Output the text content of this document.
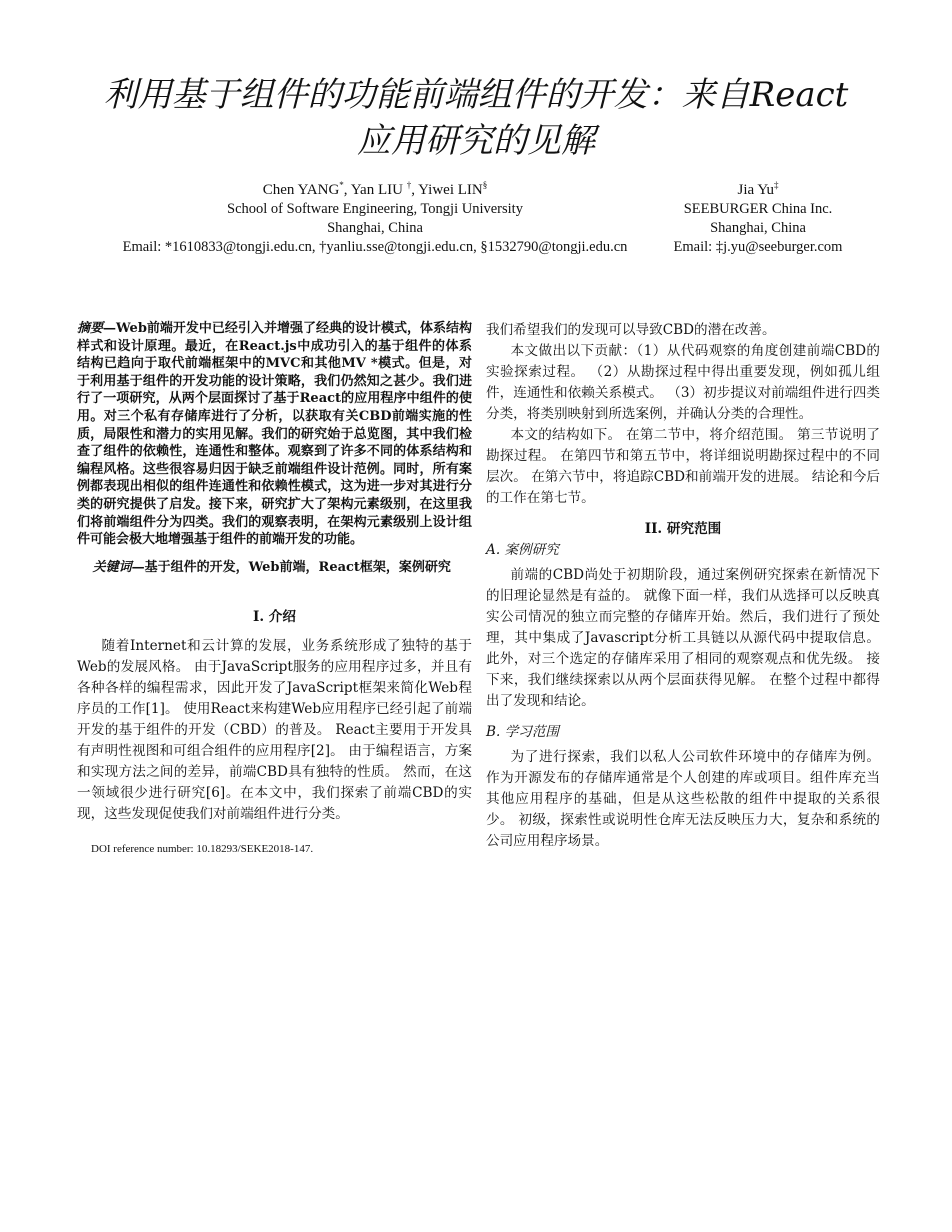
利用基于组件的功能前端组件的开发：来自React
应用研究的见解
Chen YANG*, Yan LIU †, Yiwei LIN§
School of Software Engineering, Tongji University
Shanghai, China
Email: *1610833@tongji.edu.cn, †yanliu.sse@tongji.edu.cn, §1532790@tongji.edu.cn
Jia Yu‡
SEEBURGER China Inc.
Shanghai, China
Email: ‡j.yu@seeburger.com
摘要—Web前端开发中已经引入并增强了经典的设计模式，体系结构样式和设计原理。最近，在React.js中成功引入的基于组件的体系结构已趋向于取代前端框架中的MVC和其他MV *模式。但是，对于利用基于组件的开发功能的设计策略，我们仍然知之甚少。我们进行了一项研究，从两个层面探讨了基于React的应用程序中组件的使用。对三个私有存储库进行了分析，以获取有关CBD前端实施的性质，局限性和潜力的实用见解。我们的研究始于总览图，其中我们检查了组件的依赖性，连通性和整体。观察到了许多不同的体系结构和编程风格。这些很容易归因于缺乏前端组件设计范例。同时，所有案例都表现出相似的组件连通性和依赖性模式，这为进一步对其进行分类的研究提供了启发。接下来，研究扩大了架构元素级别，在这里我们将前端组件分为四类。我们的观察表明，在架构元素级别上设计组件可能会极大地增强基于组件的前端开发的功能。
关键词—基于组件的开发，Web前端，React框架，案例研究
I. 介绍

随着Internet和云计算的发展，业务系统形成了独特的基于Web的发展风格。 由于JavaScript服务的应用程序过多，并且有各种各样的编程需求，因此开发了JavaScript框架来简化Web程序员的工作[1]。 使用React来构建Web应用程序已经引起了前端开发的基于组件的开发（CBD）的普及。 React主要用于开发具有声明性视图和可组合组件的应用程序[2]。 由于编程语言，方案和实现方法之间的差异，前端CBD具有独特的性质。 然而，在这一领域很少进行研究[6]。在本文中，我们探索了前端CBD的实现，这些发现促使我们对前端组件进行分类。

DOI reference number: 10.18293/SEKE2018-147.

我们希望我们的发现可以导致CBD的潜在改善。

本文做出以下贡献：（1）从代码观察的角度创建前端CBD的实验探索过程。 （2）从勘探过程中得出重要发现，例如孤儿组件，连通性和依赖关系模式。 （3）初步提议对前端组件进行四类分类，将类别映射到所选案例，并确认分类的合理性。

本文的结构如下。 在第二节中，将介绍范围。 第三节说明了勘探过程。 在第四节和第五节中，将详细说明勘探过程中的不同层次。 在第六节中，将追踪CBD和前端开发的进展。 结论和今后的工作在第七节。

II. 研究范围
A. 案例研究

前端的CBD尚处于初期阶段，通过案例研究探索在新情况下的旧理论显然是有益的。 就像下面一样，我们从选择可以反映真实公司情况的独立而完整的存储库开始。然后，我们进行了预处理，其中集成了Javascript分析工具链以从源代码中提取信息。 此外，对三个选定的存储库采用了相同的观察观点和优先级。 接下来，我们继续探索以从两个层面获得见解。 在整个过程中都得出了发现和结论。

B. 学习范围

为了进行探索，我们以私人公司软件环境中的存储库为例。 作为开源发布的存储库通常是个人创建的库或项目。组件库充当其他应用程序的基础，但是从这些松散的组件中提取的关系很少。 初级，探索性或说明性仓库无法反映压力大，复杂和系统的公司应用程序场景。
